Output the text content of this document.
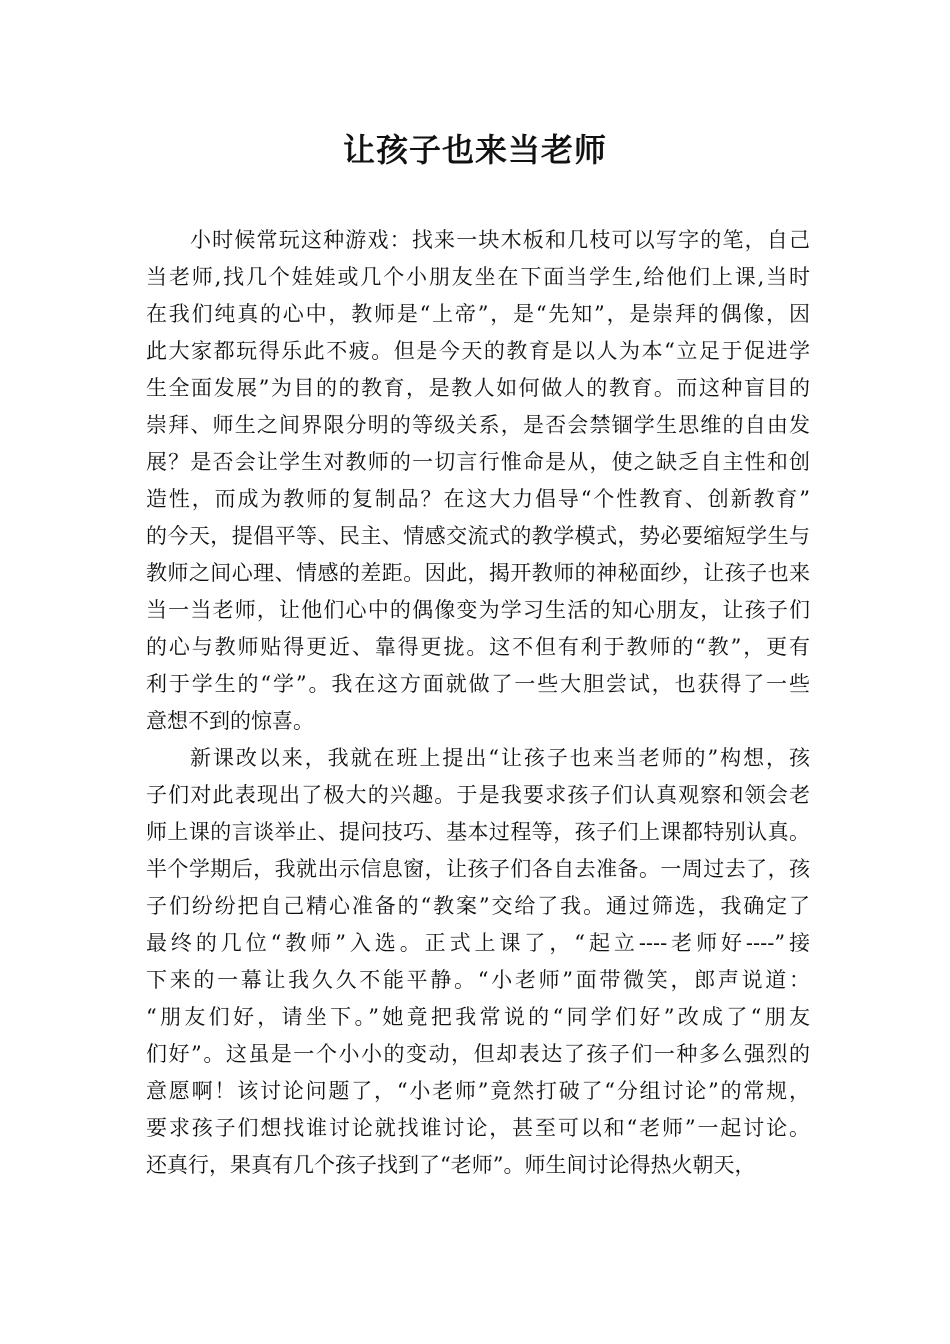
让孩子也来当老师
小时候常玩这种游戏：找来一块木板和几枝可以写字的笔，自己
当老师,找几个娃娃或几个小朋友坐在下面当学生,给他们上课,当时
在我们纯真的心中，教师是“上帝”，是“先知”，是崇拜的偶像，因
此大家都玩得乐此不疲。但是今天的教育是以人为本“立足于促进学
生全面发展”为目的的教育，是教人如何做人的教育。而这种盲目的
崇拜、师生之间界限分明的等级关系，是否会禁锢学生思维的自由发
展？是否会让学生对教师的一切言行惟命是从，使之缺乏自主性和创
造性，而成为教师的复制品？在这大力倡导“个性教育、创新教育”
的今天，提倡平等、民主、情感交流式的教学模式，势必要缩短学生与
教师之间心理、情感的差距。因此，揭开教师的神秘面纱，让孩子也来
当一当老师，让他们心中的偶像变为学习生活的知心朋友，让孩子们
的心与教师贴得更近、靠得更拢。这不但有利于教师的“教”，更有
利于学生的“学”。我在这方面就做了一些大胆尝试，也获得了一些
意想不到的惊喜。
新课改以来，我就在班上提出“让孩子也来当老师的”构想，孩
子们对此表现出了极大的兴趣。于是我要求孩子们认真观察和领会老
师上课的言谈举止、提问技巧、基本过程等，孩子们上课都特别认真。
半个学期后，我就出示信息窗，让孩子们各自去准备。一周过去了，孩
子们纷纷把自己精心准备的“教案”交给了我。通过筛选，我确定了
最终的几位“教师”入选。正式上课了，“起立----老师好----”接
下来的一幕让我久久不能平静。“小老师”面带微笑，郎声说道：
“朋友们好，请坐下。”她竟把我常说的“同学们好”改成了“朋友
们好”。这虽是一个小小的变动，但却表达了孩子们一种多么强烈的
意愿啊！该讨论问题了，“小老师”竟然打破了“分组讨论”的常规，
要求孩子们想找谁讨论就找谁讨论，甚至可以和“老师”一起讨论。
还真行，果真有几个孩子找到了“老师”。师生间讨论得热火朝天，
